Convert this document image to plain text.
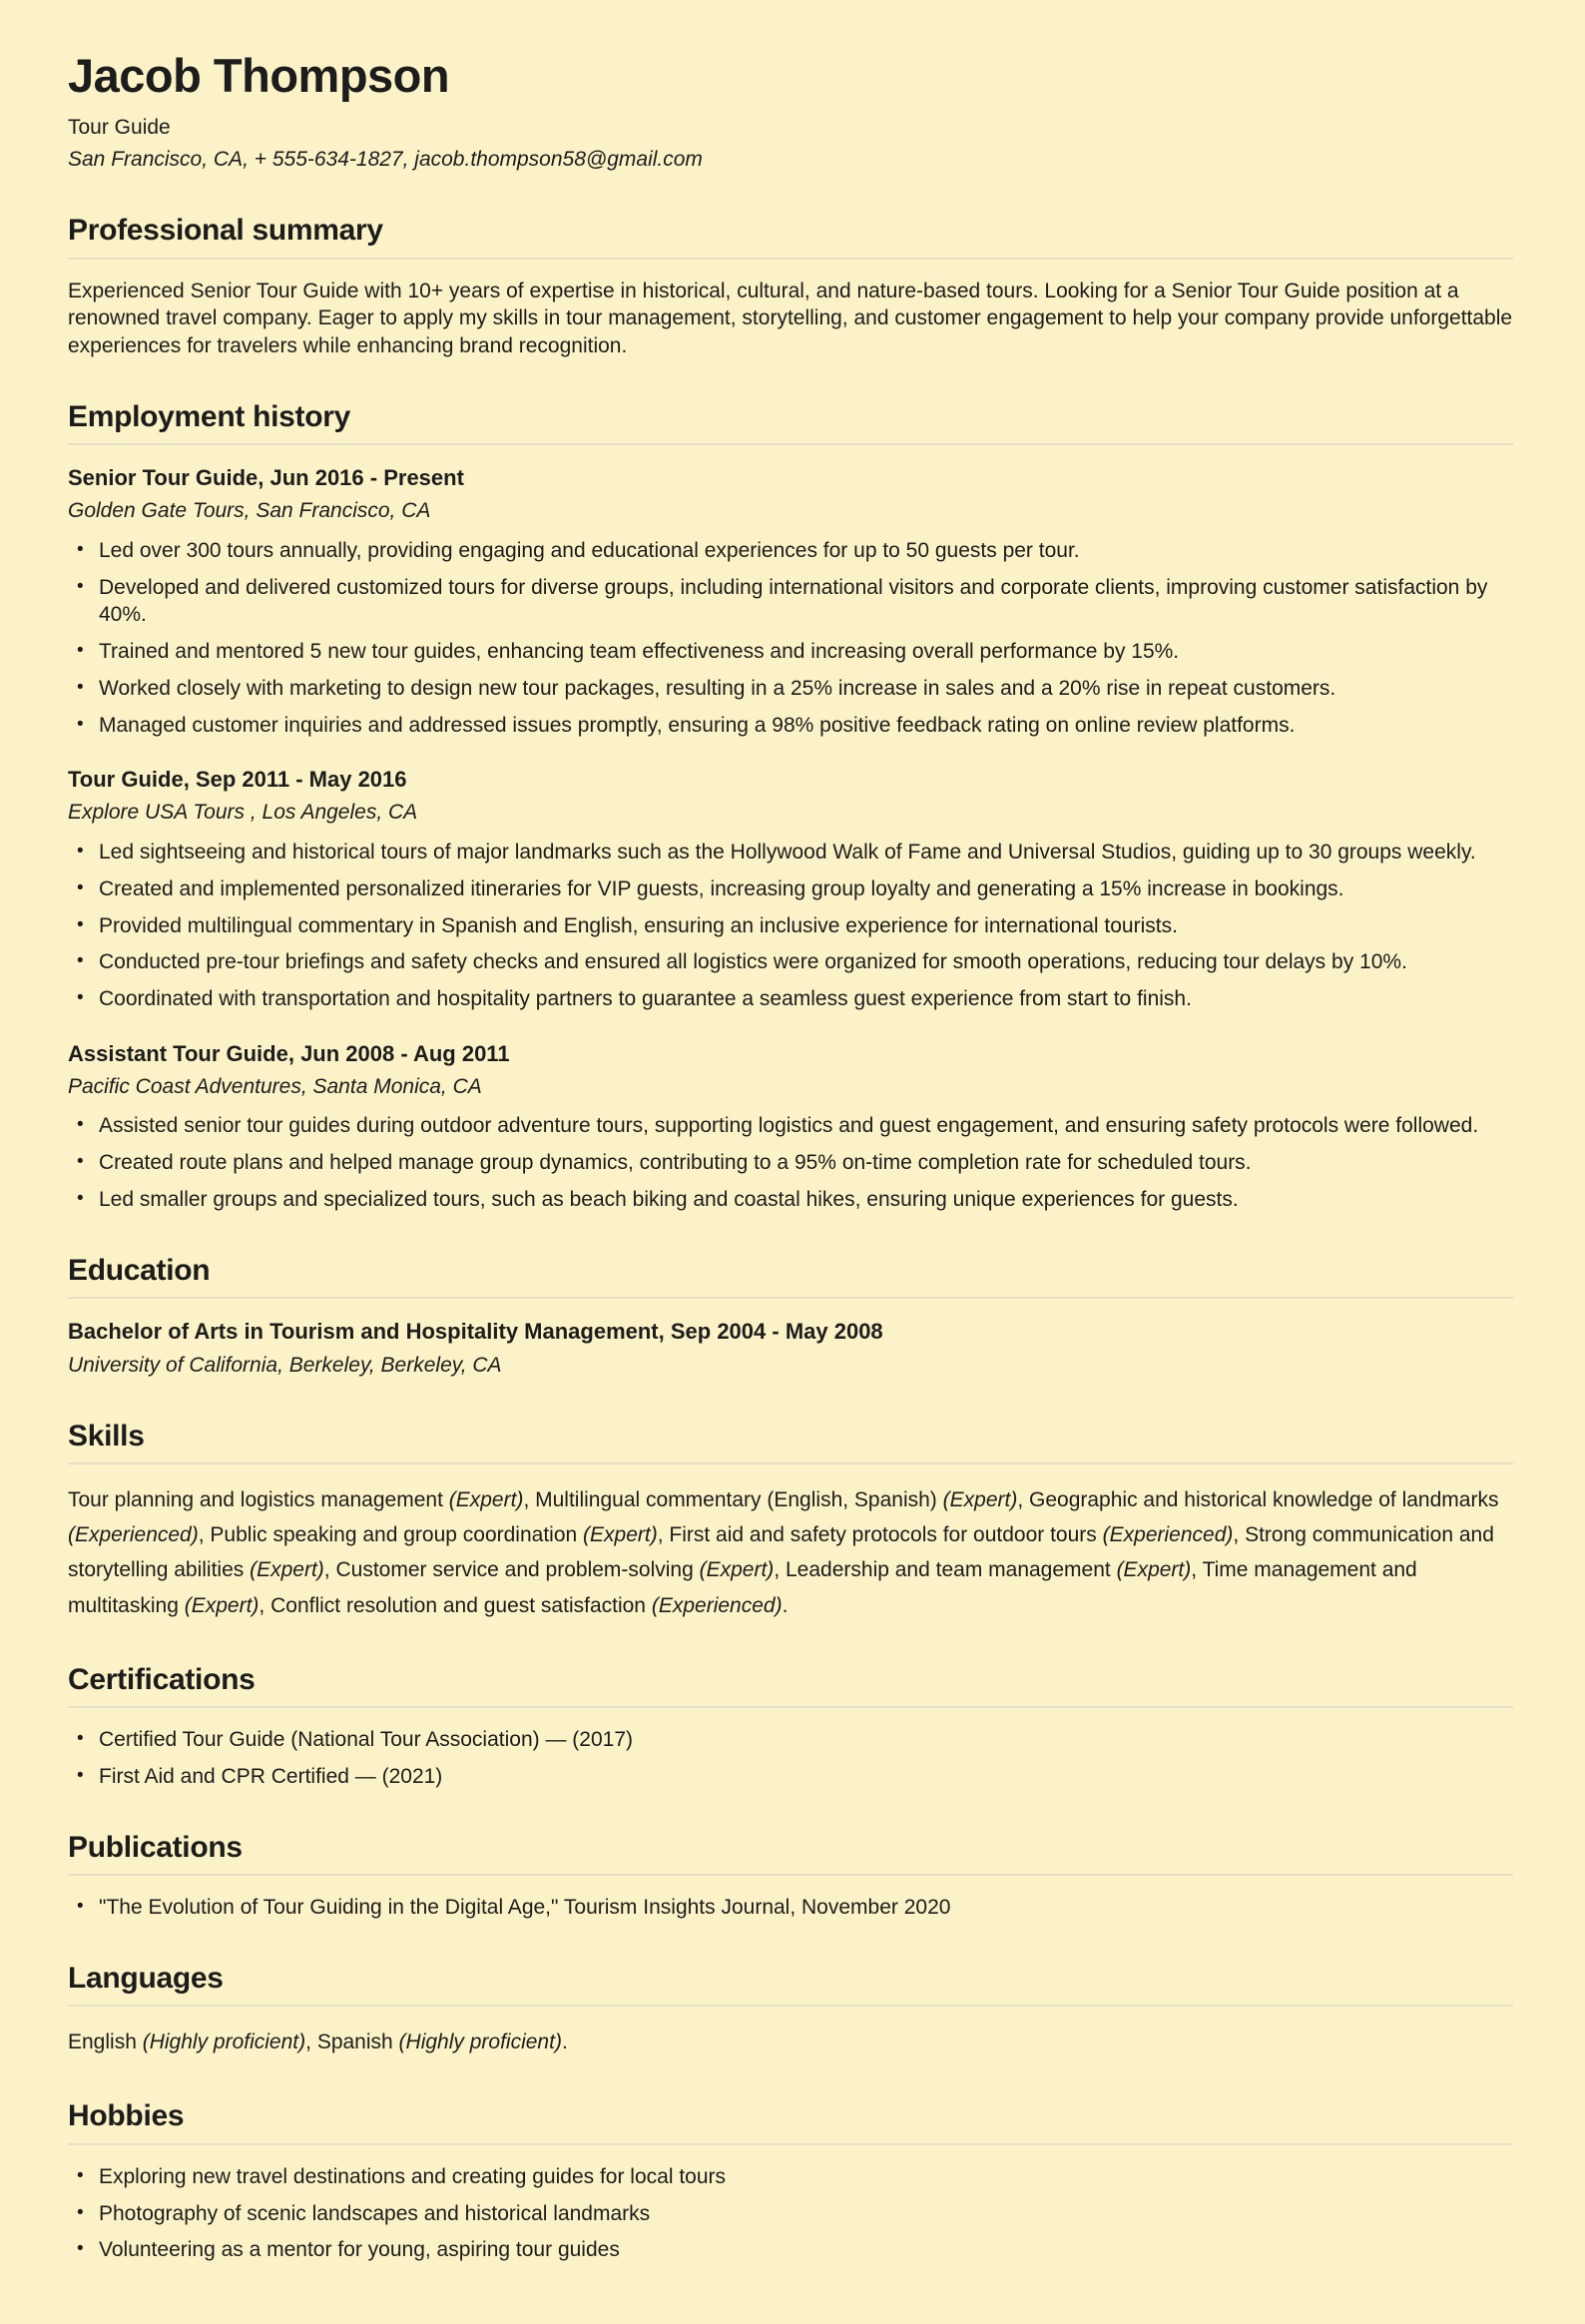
Jacob Thompson

Tour Guide

San Francisco, CA, + 555-634-1827, jacob.thompson58@gmail.com

Professional summary

Experienced Senior Tour Guide with 10+ years of expertise in historical, cultural, and nature-based tours. Looking for a Senior Tour Guide position at a renowned travel company. Eager to apply my skills in tour management, storytelling, and customer engagement to help your company provide unforgettable experiences for travelers while enhancing brand recognition.

Employment history
Senior Tour Guide, Jun 2016 - Present

Golden Gate Tours, San Francisco, CA

• Led over 300 tours annually, providing engaging and educational experiences for up to 50 guests per tour.
• Developed and delivered customized tours for diverse groups, including international visitors and corporate clients, improving customer satisfaction by 40%.
• Trained and mentored 5 new tour guides, enhancing team effectiveness and increasing overall performance by 15%.
• Worked closely with marketing to design new tour packages, resulting in a 25% increase in sales and a 20% rise in repeat customers.
• Managed customer inquiries and addressed issues promptly, ensuring a 98% positive feedback rating on online review platforms.
Tour Guide, Sep 2011 - May 2016

Explore USA Tours , Los Angeles, CA

• Led sightseeing and historical tours of major landmarks such as the Hollywood Walk of Fame and Universal Studios, guiding up to 30 groups weekly.
• Created and implemented personalized itineraries for VIP guests, increasing group loyalty and generating a 15% increase in bookings.
• Provided multilingual commentary in Spanish and English, ensuring an inclusive experience for international tourists.
• Conducted pre-tour briefings and safety checks and ensured all logistics were organized for smooth operations, reducing tour delays by 10%.
• Coordinated with transportation and hospitality partners to guarantee a seamless guest experience from start to finish.
Assistant Tour Guide, Jun 2008 - Aug 2011

Pacific Coast Adventures, Santa Monica, CA

• Assisted senior tour guides during outdoor adventure tours, supporting logistics and guest engagement, and ensuring safety protocols were followed.
• Created route plans and helped manage group dynamics, contributing to a 95% on-time completion rate for scheduled tours.
• Led smaller groups and specialized tours, such as beach biking and coastal hikes, ensuring unique experiences for guests.
Education
Bachelor of Arts in Tourism and Hospitality Management, Sep 2004 - May 2008

University of California, Berkeley, Berkeley, CA

Skills

Tour planning and logistics management (Expert), Multilingual commentary (English, Spanish) (Expert), Geographic and historical knowledge of landmarks (Experienced), Public speaking and group coordination (Expert), First aid and safety protocols for outdoor tours (Experienced), Strong communication and storytelling abilities (Expert), Customer service and problem-solving (Expert), Leadership and team management (Expert), Time management and multitasking (Expert), Conflict resolution and guest satisfaction (Experienced).

Certifications
• Certified Tour Guide (National Tour Association) — (2017)
• First Aid and CPR Certified — (2021)
Publications
• "The Evolution of Tour Guiding in the Digital Age," Tourism Insights Journal, November 2020
Languages

English (Highly proficient), Spanish (Highly proficient).

Hobbies
• Exploring new travel destinations and creating guides for local tours
• Photography of scenic landscapes and historical landmarks
• Volunteering as a mentor for young, aspiring tour guides
